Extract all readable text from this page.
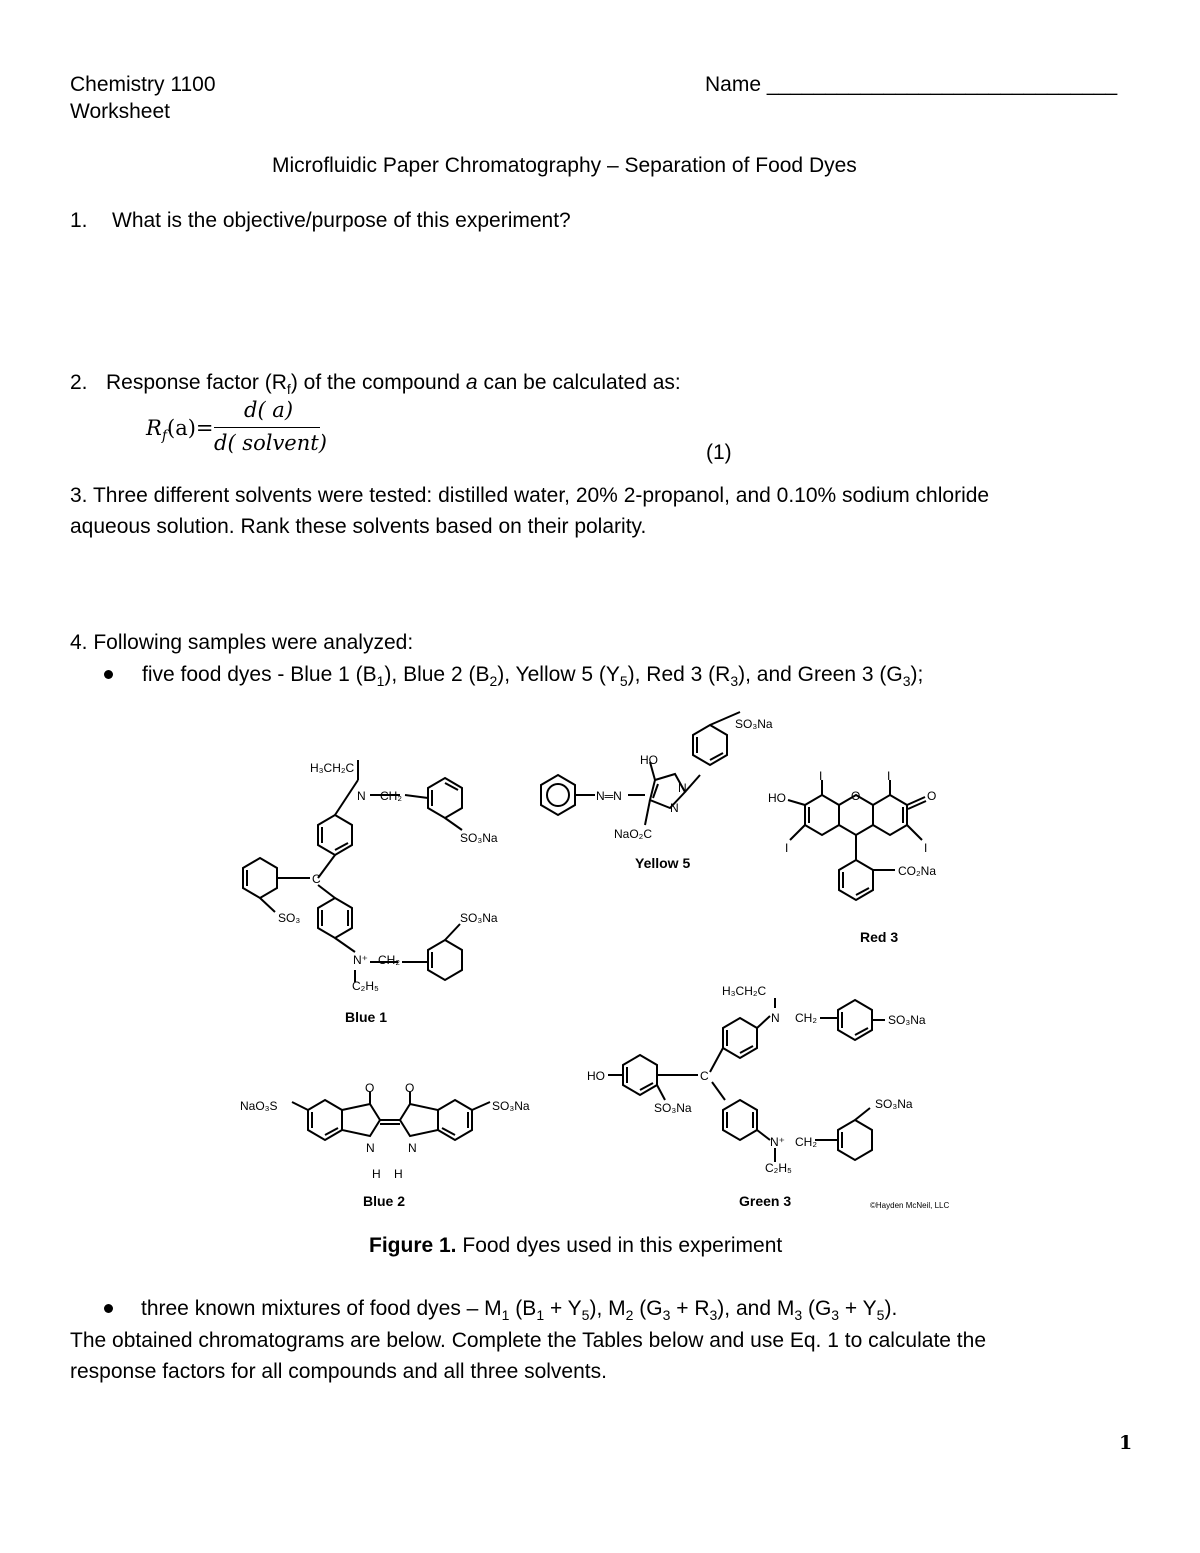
Chemistry 1100
Worksheet
Name ______________________________
Microfluidic Paper Chromatography – Separation of Food Dyes
1. What is the objective/purpose of this experiment?
2. Response factor $(R_f)$ of the compound a can be calculated as:
$R_f(a)=$
d( a)
d( solvent)	(1)
3. Three different solvents were tested: distilled water, 20% 2-propanol, and 0.10% sodium chloride
aqueous solution. Rank these solvents based on their polarity.
4. Following samples were analyzed:
five food dyes - Blue 1 $(B_1)$, Blue 2 $(B_2)$, Yellow 5 $(Y_5)$, Red 3 $(R_3)$, and Green 3 $(G_3)$;
H₃CH₂C
N CH₂
SO₃Na
C
SO₃	SO₃Na
N⁺ CH₂
C₂H₅
Blue 1
SO₃Na
HO
N
N
N═N
NaO₂C
Yellow 5
HO
I	I
O	O
I	I
CO₂Na
Red 3
NaO₃S	SO₃Na
O	O
N	N
H H
Blue 2
H₃CH₂C
N CH₂	SO₃Na
HO	C
SO₃Na	SO₃Na
N⁺ CH₂
C₂H₅
Green 3	©Hayden McNeil, LLC
Figure 1. Food dyes used in this experiment
three known mixtures of food dyes – $M_1$ $(B_1 + Y_5)$, $M_2$ $(G_3 + R_3)$, and $M_3$ $(G_3 + Y_5)$.
The obtained chromatograms are below. Complete the Tables below and use Eq. 1 to calculate the
response factors for all compounds and all three solvents.
1
